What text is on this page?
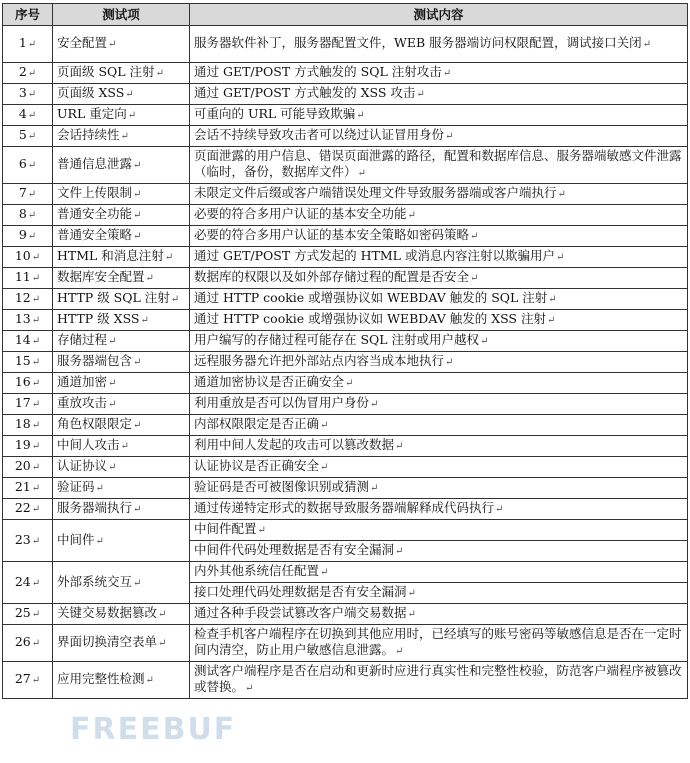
序号	测试项	测试内容
1↵	安全配置↵	服务器软件补丁，服务器配置文件，WEB 服务器端访问权限配置，调试接口关闭↵
2↵	页面级 SQL 注射↵	通过 GET/POST 方式触发的 SQL 注射攻击↵
3↵	页面级 XSS↵	通过 GET/POST 方式触发的 XSS 攻击↵
4↵	URL 重定向↵	可重向的 URL 可能导致欺骗↵
5↵	会话持续性↵	会话不持续导致攻击者可以绕过认证冒用身份↵
6↵	普通信息泄露↵	页面泄露的用户信息、错误页面泄露的路径，配置和数据库信息、服务器端敏感文件泄露（临时，备份，数据库文件）↵
7↵	文件上传限制↵	未限定文件后缀或客户端错误处理文件导致服务器端或客户端执行↵
8↵	普通安全功能↵	必要的符合多用户认证的基本安全功能↵
9↵	普通安全策略↵	必要的符合多用户认证的基本安全策略如密码策略↵
10↵	HTML 和消息注射↵	通过 GET/POST 方式发起的 HTML 或消息内容注射以欺骗用户↵
11↵	数据库安全配置↵	数据库的权限以及如外部存储过程的配置是否安全↵
12↵	HTTP 级 SQL 注射↵	通过 HTTP cookie 或增强协议如 WEBDAV 触发的 SQL 注射↵
13↵	HTTP 级 XSS↵	通过 HTTP cookie 或增强协议如 WEBDAV 触发的 XSS 注射↵
14↵	存储过程↵	用户编写的存储过程可能存在 SQL 注射或用户越权↵
15↵	服务器端包含↵	远程服务器允许把外部站点内容当成本地执行↵
16↵	通道加密↵	通道加密协议是否正确安全↵
17↵	重放攻击↵	利用重放是否可以伪冒用户身份↵
18↵	角色权限限定↵	内部权限限定是否正确↵
19↵	中间人攻击↵	利用中间人发起的攻击可以篡改数据↵
20↵	认证协议↵	认证协议是否正确安全↵
21↵	验证码↵	验证码是否可被图像识别或猜测↵
22↵	服务器端执行↵	通过传递特定形式的数据导致服务器端解释成代码执行↵
23↵	中间件↵	中间件配置↵
		中间件代码处理数据是否有安全漏洞↵
24↵	外部系统交互↵	内外其他系统信任配置↵
		接口处理代码处理数据是否有安全漏洞↵
25↵	关键交易数据篡改↵	通过各种手段尝试篡改客户端交易数据↵
26↵	界面切换清空表单↵	检查手机客户端程序在切换到其他应用时，已经填写的账号密码等敏感信息是否在一定时间内清空，防止用户敏感信息泄露。↵
27↵	应用完整性检测↵	测试客户端程序是否在启动和更新时应进行真实性和完整性校验，防范客户端程序被篡改或替换。↵
FREEBUF
